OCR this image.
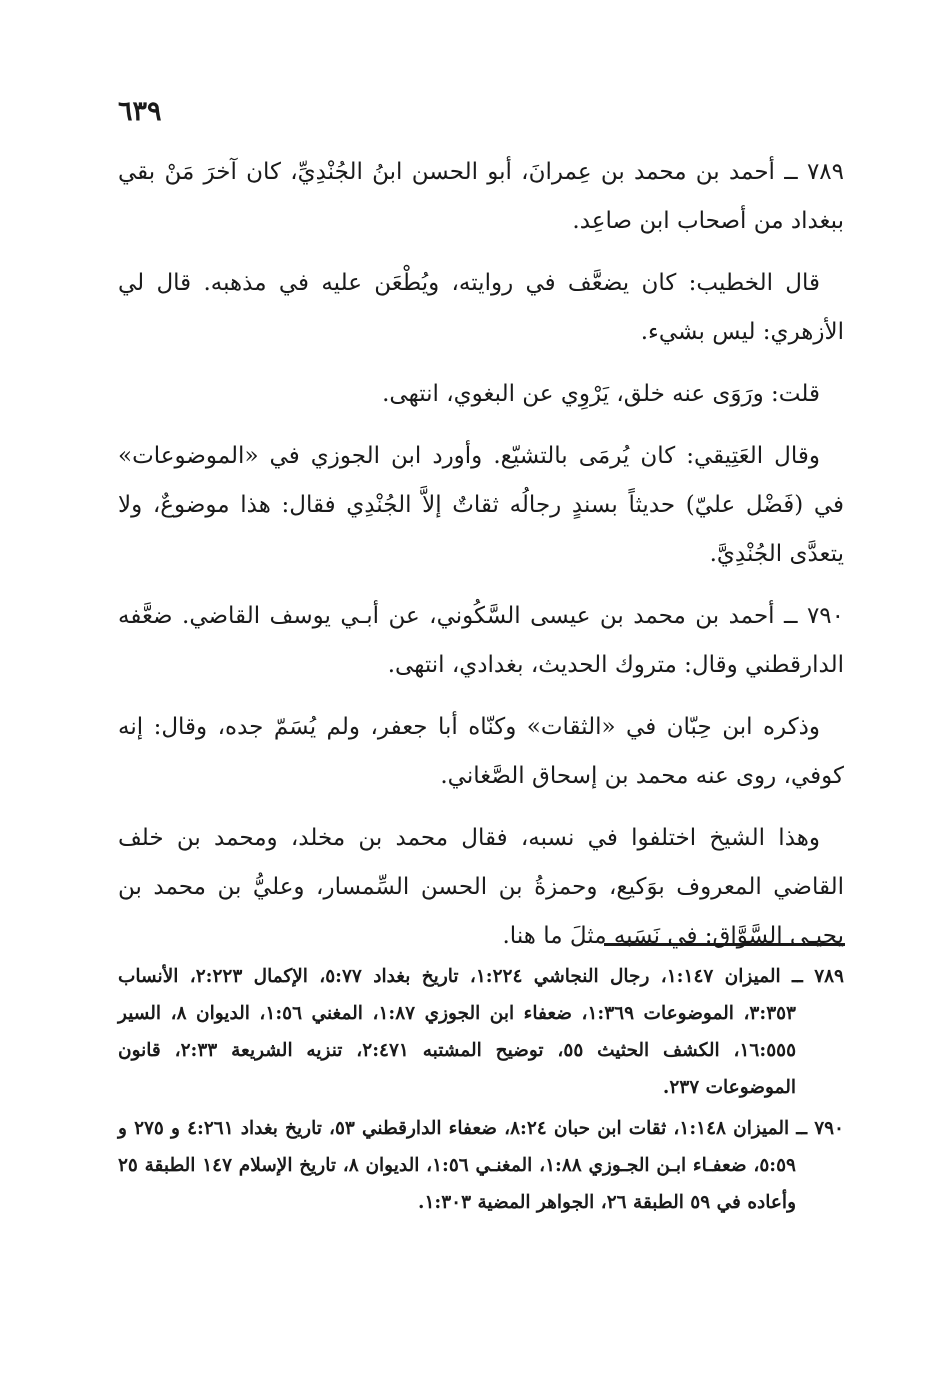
٦٣٩

٧٨٩ ــ أحمد بن محمد بن عِمرانَ، أبو الحسن ابنُ الجُنْدِيِّ، كان آخرَ مَنْ بقي ببغداد من أصحاب ابن صاعِد.

قال الخطيب: كان يضعَّف في روايته، ويُطْعَن عليه في مذهبه. قال لي الأزهري: ليس بشيء.

قلت: ورَوَى عنه خلق، يَرْوِي عن البغوي، انتهى.

وقال العَتِيقي: كان يُرمَى بالتشيّع. وأورد ابن الجوزي في «الموضوعات» في (فَضْل عليّ) حديثاً بسندٍ رجالُه ثقاتٌ إلاَّ الجُنْدِي فقال: هذا موضوعٌ، ولا يتعدَّى الجُنْدِيَّ.

٧٩٠ ــ أحمد بن محمد بن عيسى السَّكُوني، عن أبـي يوسف القاضي. ضعَّفه الدارقطني وقال: متروك الحديث، بغدادي، انتهى.

وذكره ابن حِبّان في «الثقات» وكنّاه أبا جعفر، ولم يُسَمّ جده، وقال: إنه كوفي، روى عنه محمد بن إسحاق الصَّغاني.

وهذا الشيخ اختلفوا في نسبه، فقال محمد بن مخلد، ومحمد بن خلف القاضي المعروف بوَكيع، وحمزةُ بن الحسن السِّمسار، وعليُّ بن محمد بن يحيـى السَّوَّاق: في نَسَبه مثلَ ما هنا.

٧٨٩ ــ الميزان ١:١٤٧، رجال النجاشي ١:٢٢٤، تاريخ بغداد ٥:٧٧، الإكمال ٢:٢٢٣، الأنساب ٣:٣٥٣، الموضوعات ١:٣٦٩، ضعفاء ابن الجوزي ١:٨٧، المغني ١:٥٦، الديوان ٨، السير ١٦:٥٥٥، الكشف الحثيث ٥٥، توضيح المشتبه ٢:٤٧١، تنزيه الشريعة ٢:٣٣، قانون الموضوعات ٢٣٧.

٧٩٠ ــ الميزان ١:١٤٨، ثقات ابن حبان ٨:٢٤، ضعفاء الدارقطني ٥٣، تاريخ بغداد ٤:٢٦١ و ٢٧٥ و ٥:٥٩، ضعفـاء ابـن الجـوزي ١:٨٨، المغنـي ١:٥٦، الديوان ٨، تاريخ الإسلام ١٤٧ الطبقة ٢٥ وأعاده في ٥٩ الطبقة ٢٦، الجواهر المضية ١:٣٠٣.
